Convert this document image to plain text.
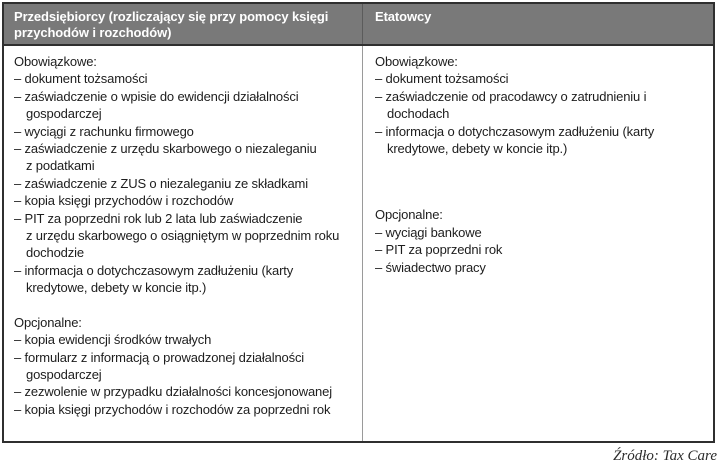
Przedsiębiorcy (rozliczający się przy pomocy księgi przychodów i rozchodów)
Etatowcy
Obowiązkowe:
– dokument tożsamości
– zaświadczenie o wpisie do ewidencji działalności gospodarczej
– wyciągi z rachunku firmowego
– zaświadczenie z urzędu skarbowego o niezaleganiu z podatkami
– zaświadczenie z ZUS o niezaleganiu ze składkami
– kopia księgi przychodów i rozchodów
– PIT za poprzedni rok lub 2 lata lub zaświadczenie z urzędu skarbowego o osiągniętym w poprzednim roku dochodzie
– informacja o dotychczasowym zadłużeniu (karty kredytowe, debety w koncie itp.)
Opcjonalne:
– kopia ewidencji środków trwałych
– formularz z informacją o prowadzonej działalności gospodarczej
– zezwolenie w przypadku działalności koncesjonowanej
– kopia księgi przychodów i rozchodów za poprzedni rok
Obowiązkowe:
– dokument tożsamości
– zaświadczenie od pracodawcy o zatrudnieniu i dochodach
– informacja o dotychczasowym zadłużeniu (karty kredytowe, debety w koncie itp.)
Opcjonalne:
– wyciągi bankowe
– PIT za poprzedni rok
– świadectwo pracy
Źródło: Tax Care
